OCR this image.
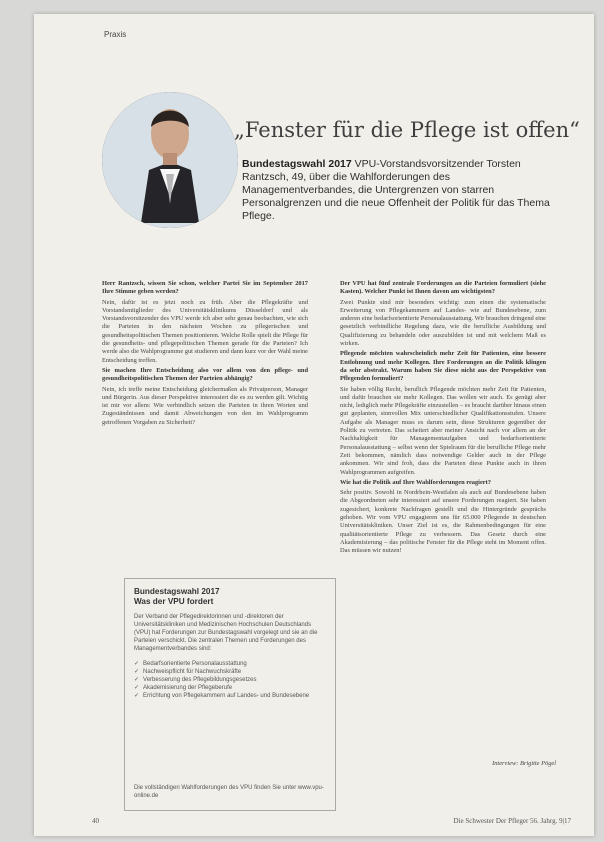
Praxis
„Fenster für die Pflege ist offen“
Bundestagswahl 2017 VPU-Vorstandsvorsitzender Torsten Rantzsch, 49, über die Wahlforderungen des Managementverbandes, die Untergrenzen von starren Personalgrenzen und die neue Offenheit der Politik für das Thema Pflege.

Herr Rantzsch, wissen Sie schon, welcher Partei Sie im September 2017 Ihre Stimme geben werden?

Nein, dafür ist es jetzt noch zu früh. Aber die Pflegekräfte und Vorstandsmitglieder des Universitätsklinikums Düsseldorf und als Vorstandsvorsitzender des VPU werde ich aber sehr genau beobachten, wie sich die Parteien in den nächsten Wochen zu pflegerischen und gesundheitspolitischen Themen positionieren. Welche Rolle spielt die Pflege für die gesundheits- und pflegepolitischen Themen gerade für die Parteien? Ich werde also die Wahlprogramme gut studieren und dann kurz vor der Wahl meine Entscheidung treffen.

Sie machen Ihre Entscheidung also vor allem von den pflege- und gesundheitspolitischen Themen der Parteien abhängig?

Nein, ich treffe meine Entscheidung gleichermaßen als Privatperson, Manager und Bürgerin. Aus dieser Perspektive interessiert die es zu werden gilt. Wichtig ist mir vor allem: Wie verbindlich setzen die Parteien in ihren Worten und Zugeständnissen und damit Abweichungen von den im Wahlprogramm getroffenen Vorgaben zu Sicherheit?

Der VPU hat fünf zentrale Forderungen an die Parteien formuliert (siehe Kasten). Welcher Punkt ist Ihnen davon am wichtigsten?

Zwei Punkte sind mir besonders wichtig: zum einen die systematische Erweiterung von Pflegekammern auf Landes- wie auf Bundesebene, zum anderen eine bedarfsorientierte Personalausstattung. Wir brauchen dringend eine gesetzlich verbindliche Regelung dazu, wie die berufliche Ausbildung und Qualifizierung zu behandeln oder auszubilden ist und mit welchem Maß es wirken.

Pflegende möchten wahrscheinlich mehr Zeit für Patienten, eine bessere Entlohnung und mehr Kollegen. Ihre Forderungen an die Politik klingen da sehr abstrakt. Warum haben Sie diese nicht aus der Perspektive von Pflegenden formuliert?

Sie haben völlig Recht, beruflich Pflegende möchten mehr Zeit für Patienten, und dafür brauchen sie mehr Kollegen. Das wollen wir auch. Es genügt aber nicht, lediglich mehr Pflegekräfte einzustellen – es braucht darüber hinaus einen gut geplanten, sinnvollen Mix unterschiedlicher Qualifikationsstufen. Unsere Aufgabe als Manager muss es darum sein, diese Strukturen gegenüber der Politik zu vertreten. Das scheitert aber meiner Ansicht nach vor allem an der Nachhaltigkeit für Managementaufgaben und bedarfsorientierte Personalausstattung – selbst wenn der Spielraum für die berufliche Pflege mehr Zeit bekommen, nämlich dass notwendige Gelder auch in der Pflege ankommen. Wir sind froh, dass die Parteien diese Punkte auch in ihren Wahlprogrammen aufgreifen.

Wie hat die Politik auf Ihre Wahlforderungen reagiert?

Sehr positiv. Sowohl in Nordrhein-Westfalen als auch auf Bundesebene haben die Abgeordneten sehr interessiert auf unsere Forderungen reagiert. Sie haben zugesichert, konkrete Nachfragen gestellt und die Hintergründe gesprächs gehoben. Wir vom VPU engagieren uns für 65.000 Pflegende in deutschen Universitätskliniken. Unser Ziel ist es, die Rahmenbedingungen für eine qualitätsorientierte Pflege zu verbessern. Das Gesetz durch eine Akademisierung – das politische Fenster für die Pflege steht im Moment offen. Das müssen wir nutzen!

Interview: Brigitte Pögel
Bundestagswahl 2017
Was der VPU fordert
Der Verband der Pflegedirektorinnen und -direktoren der Universitätskliniken und Medizinischen Hochschulen Deutschlands (VPU) hat Forderungen zur Bundestagswahl vorgelegt und sie an die Parteien verschickt. Die zentralen Themen und Forderungen des Managementverbandes sind:
✓ Bedarfsorientierte Personalausstattung
✓ Nachweispflicht für Nachwuchskräfte
✓ Verbesserung des Pflegebildungsgesetzes
✓ Akademisierung der Pflegeberufe
✓ Errichtung von Pflegekammern auf Landes- und Bundesebene
Die vollständigen Wahlforderungen des VPU finden Sie unter www.vpu-online.de
40	Die Schwester Der Pfleger 56. Jahrg. 9|17
